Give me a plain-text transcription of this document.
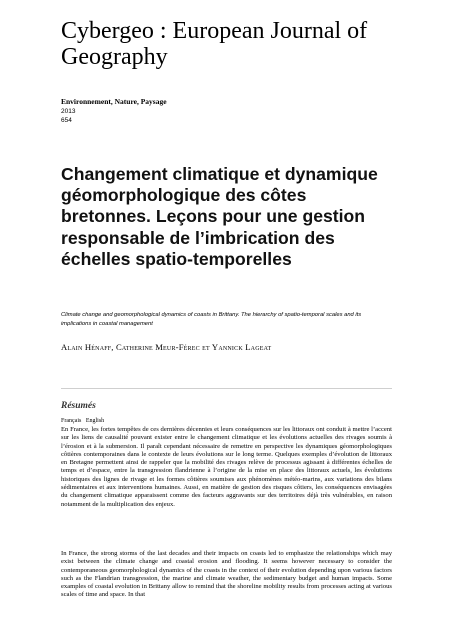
Cybergeo : European Journal of Geography
Environnement, Nature, Paysage
2013
654
Changement climatique et dynamique géomorphologique des côtes bretonnes. Leçons pour une gestion responsable de l’imbrication des échelles spatio-temporelles
Climate change and geomorphological dynamics of coasts in Brittany. The hierarchy of spatio-temporal scales and its implications in coastal management
Alain Hénaff, Catherine Meur-Férec et Yannick Lageat
Résumés
Français English

En France, les fortes tempêtes de ces dernières décennies et leurs conséquences sur les littoraux ont conduit à mettre l’accent sur les liens de causalité pouvant exister entre le changement climatique et les évolutions actuelles des rivages soumis à l’érosion et à la submersion. Il paraît cependant nécessaire de remettre en perspective les dynamiques géomorphologiques côtières contemporaines dans le contexte de leurs évolutions sur le long terme. Quelques exemples d’évolution de littoraux en Bretagne permettent ainsi de rappeler que la mobilité des rivages relève de processus agissant à différentes échelles de temps et d’espace, entre la transgression flandrienne à l’origine de la mise en place des littoraux actuels, les évolutions historiques des lignes de rivage et les formes côtières soumises aux phénomènes météo-marins, aux variations des bilans sédimentaires et aux interventions humaines. Aussi, en matière de gestion des risques côtiers, les conséquences envisagées du changement climatique apparaissent comme des facteurs aggravants sur des territoires déjà très vulnérables, en raison notamment de la multiplication des enjeux.

In France, the strong storms of the last decades and their impacts on coasts led to emphasize the relationships which may exist between the climate change and coastal erosion and flooding. It seems however necessary to consider the contemporaneous geomorphological dynamics of the coasts in the context of their evolution depending upon various factors such as the Flandrian transgression, the marine and climate weather, the sedimentary budget and human impacts. Some examples of coastal evolution in Brittany allow to remind that the shoreline mobility results from processes acting at various scales of time and space. In that
